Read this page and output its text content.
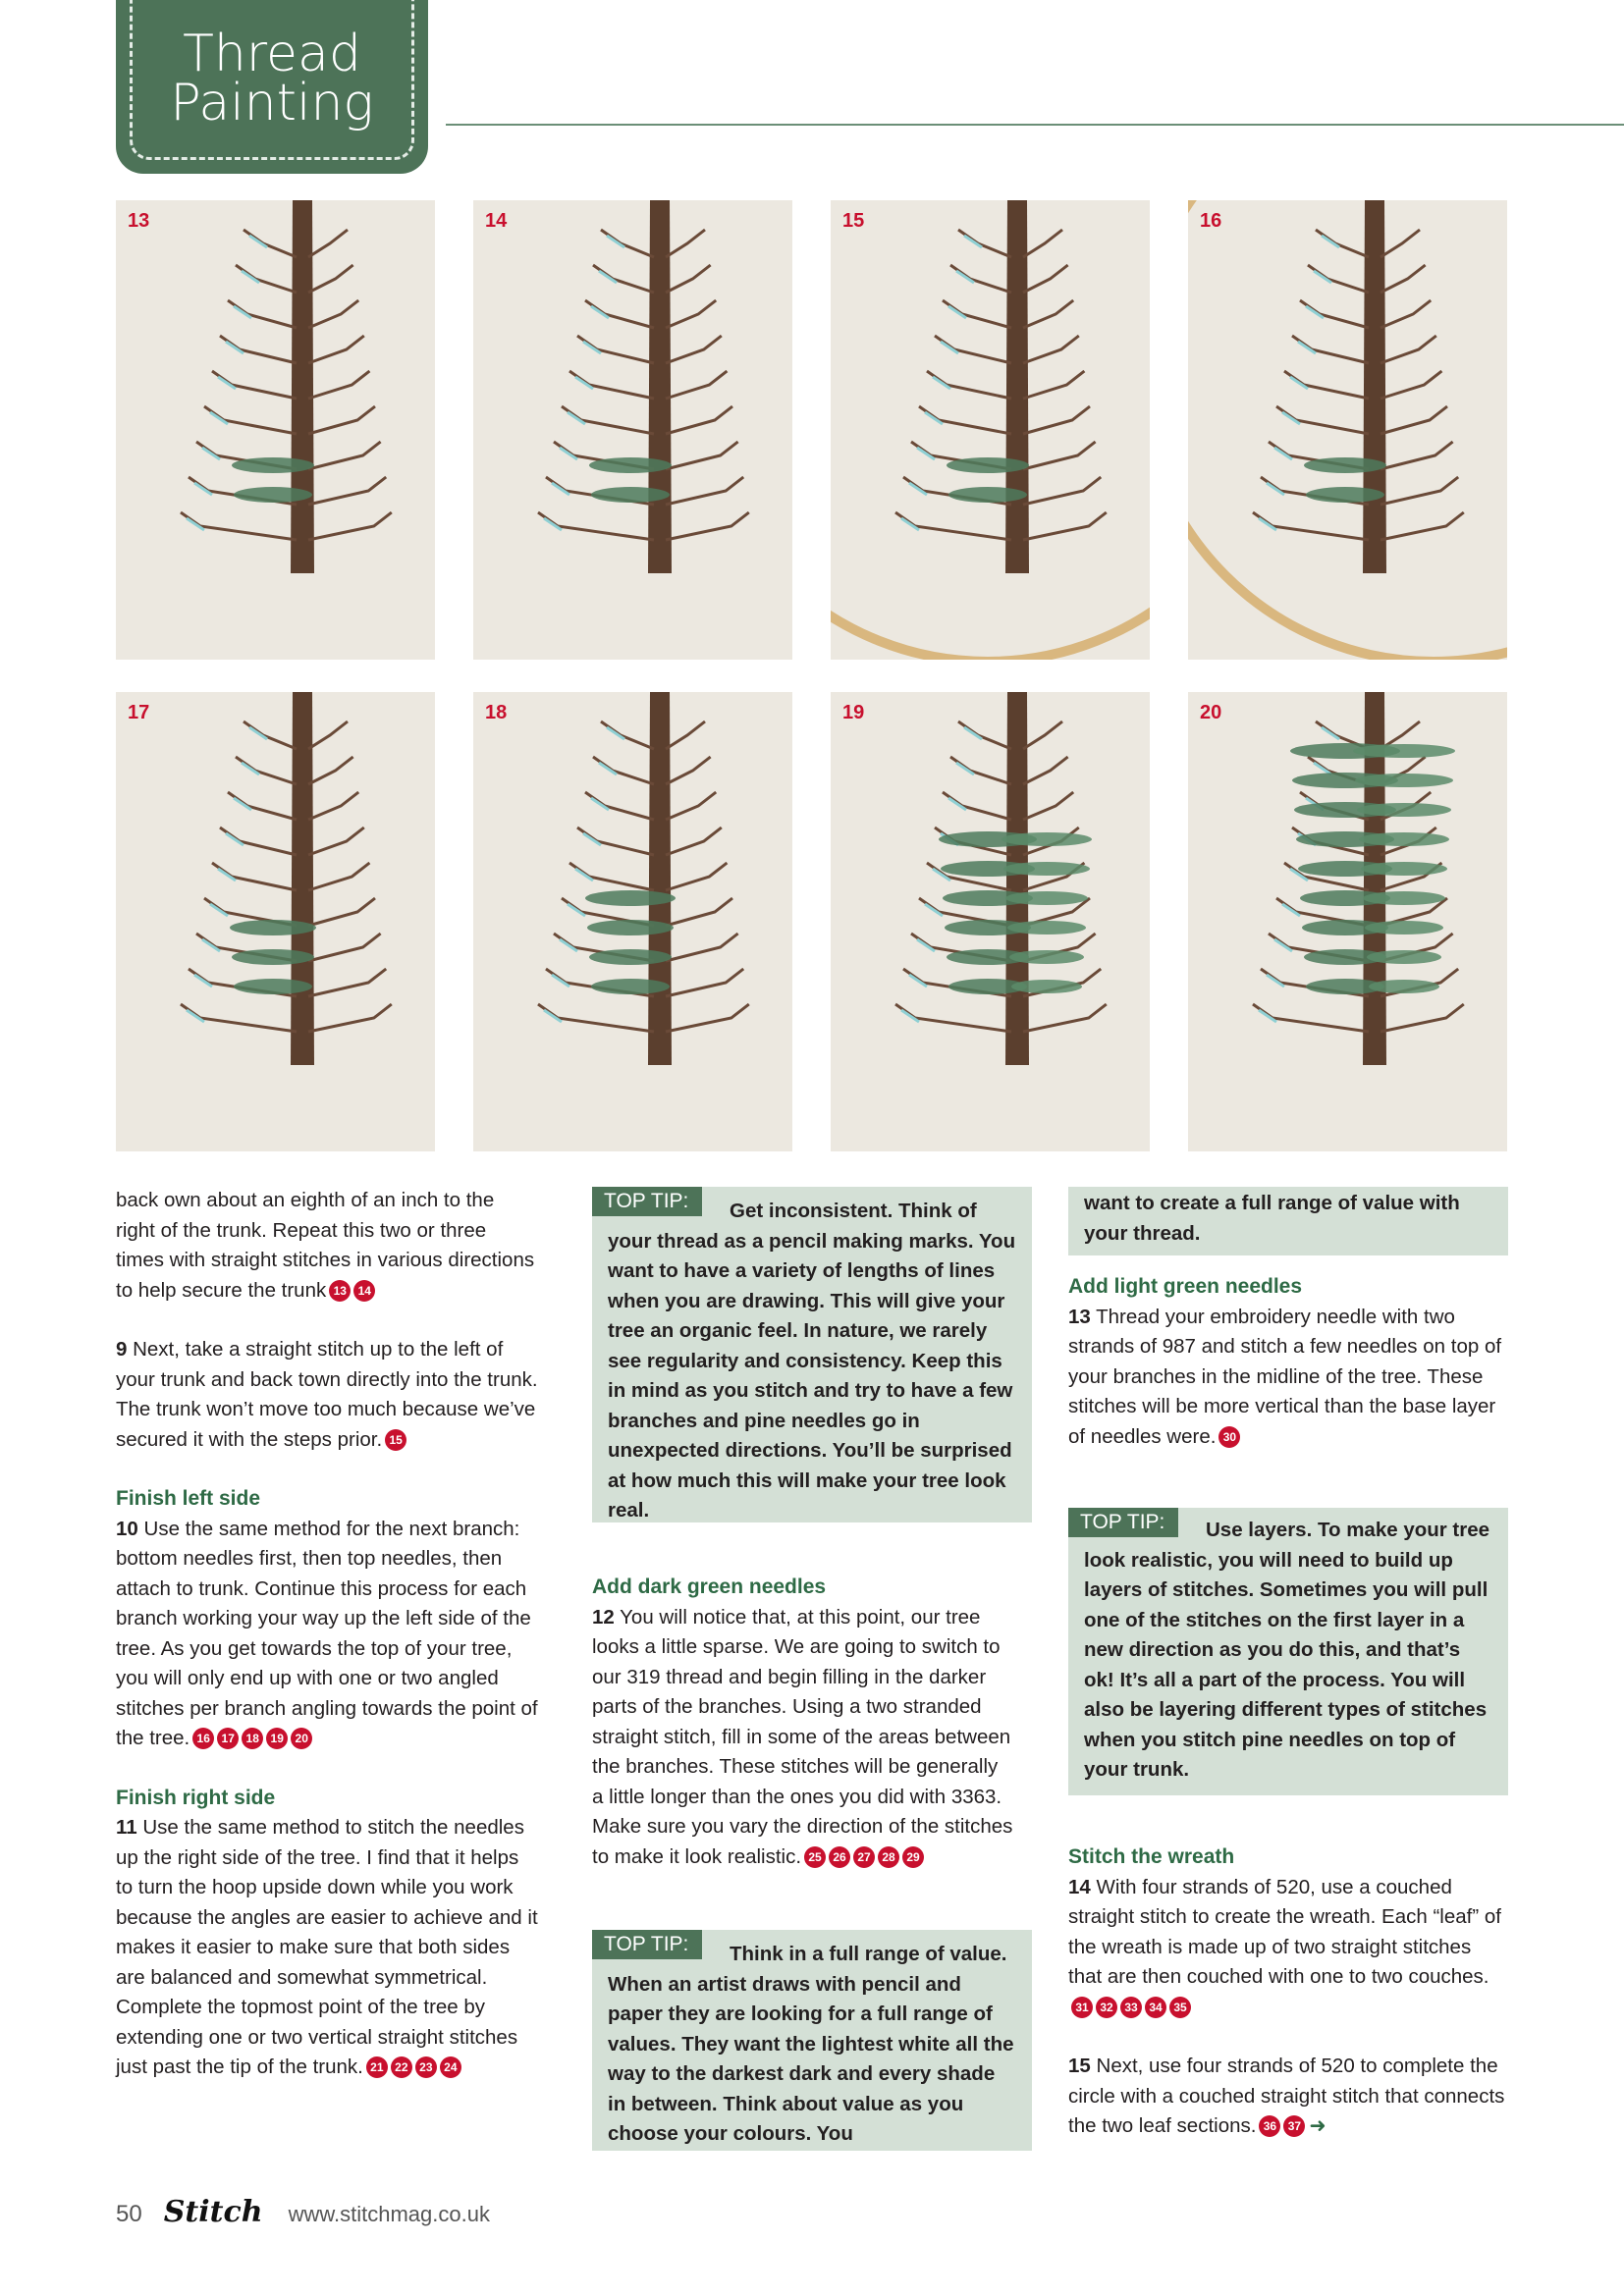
Thread
Painting
13	14	15	16
17	18	19	20

back own about an eighth of an inch to the right of the trunk. Repeat this two or three times with straight stitches in various directions to help secure the trunk 13 14

9 Next, take a straight stitch up to the left of your trunk and back town directly into the trunk. The trunk won’t move too much because we’ve secured it with the steps prior. 15

Finish left side

10 Use the same method for the next branch: bottom needles first, then top needles, then attach to trunk. Continue this process for each branch working your way up the left side of the tree. As you get towards the top of your tree, you will only end up with one or two angled stitches per branch angling towards the point of the tree. 16 17 18 19 20

Finish right side

11 Use the same method to stitch the needles up the right side of the tree. I find that it helps to turn the hoop upside down while you work because the angles are easier to achieve and it makes it easier to make sure that both sides are balanced and somewhat symmetrical. Complete the topmost point of the tree by extending one or two vertical straight stitches just past the tip of the trunk. 21 22 23 24

TOP TIP:	Get inconsistent. Think of your thread as a pencil making marks. You want to have a variety of lengths of lines when you are drawing. This will give your tree an organic feel. In nature, we rarely see regularity and consistency. Keep this in mind as you stitch and try to have a few branches and pine needles go in unexpected directions. You’ll be surprised at how much this will make your tree look real.
Add dark green needles

12 You will notice that, at this point, our tree looks a little sparse. We are going to switch to our 319 thread and begin filling in the darker parts of the branches. Using a two stranded straight stitch, fill in some of the areas between the branches. These stitches will be generally a little longer than the ones you did with 3363. Make sure you vary the direction of the stitches to make it look realistic. 25 26 27 28 29

TOP TIP:	Think in a full range of value. When an artist draws with pencil and paper they are looking for a full range of values. They want the lightest white all the way to the darkest dark and every shade in between. Think about value as you choose your colours. You
want to create a full range of value with your thread.
Add light green needles

13 Thread your embroidery needle with two strands of 987 and stitch a few needles on top of your branches in the midline of the tree. These stitches will be more vertical than the base layer of needles were. 30

TOP TIP:	Use layers. To make your tree look realistic, you will need to build up layers of stitches. Sometimes you will pull one of the stitches on the first layer in a new direction as you do this, and that’s ok! It’s all a part of the process. You will also be layering different types of stitches when you stitch pine needles on top of your trunk.
Stitch the wreath

14 With four strands of 520, use a couched straight stitch to create the wreath. Each “leaf” of the wreath is made up of two straight stitches that are then couched with one to two couches.31 32 33 34 35

15 Next, use four strands of 520 to complete the circle with a couched straight stitch that connects the two leaf sections. 36 37 ➜

50 Stitch www.stitchmag.co.uk
